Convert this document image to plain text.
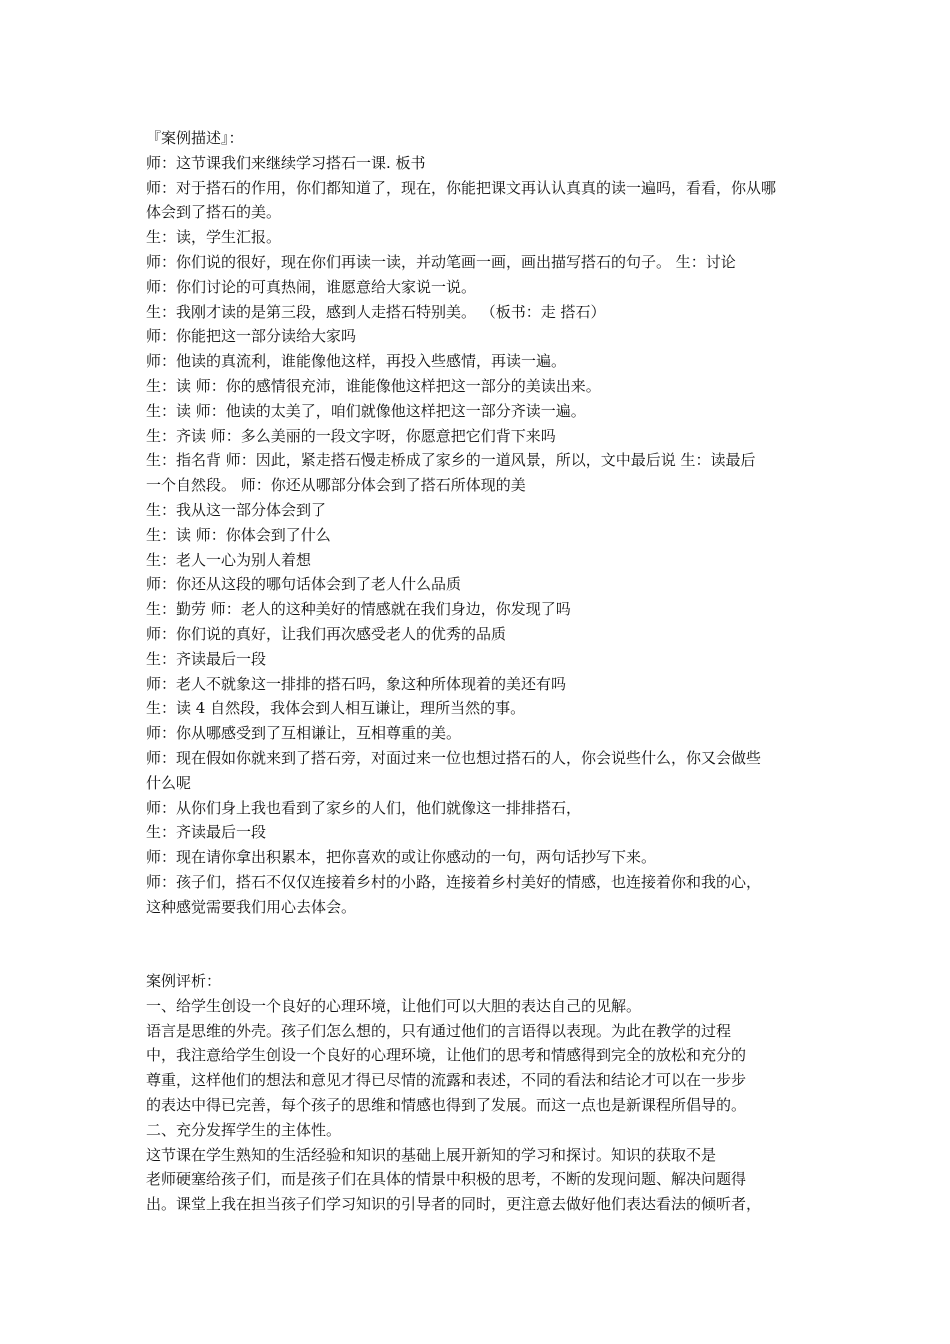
『案例描述』：
师：这节课我们来继续学习搭石一课. 板书
师：对于搭石的作用，你们都知道了，现在，你能把课文再认认真真的读一遍吗，看看，你从哪
体会到了搭石的美。
生：读，学生汇报。
师：你们说的很好，现在你们再读一读，并动笔画一画，画出描写搭石的句子。 生：讨论
师：你们讨论的可真热闹，谁愿意给大家说一说。
生：我刚才读的是第三段，感到人走搭石特别美。 （板书：走 搭石）
师：你能把这一部分读给大家吗
师：他读的真流利，谁能像他这样，再投入些感情，再读一遍。
生：读 师：你的感情很充沛，谁能像他这样把这一部分的美读出来。
生：读 师：他读的太美了，咱们就像他这样把这一部分齐读一遍。
生：齐读 师：多么美丽的一段文字呀，你愿意把它们背下来吗
生：指名背 师：因此，紧走搭石慢走桥成了家乡的一道风景，所以，文中最后说 生：读最后
一个自然段。 师：你还从哪部分体会到了搭石所体现的美
生：我从这一部分体会到了
生：读 师：你体会到了什么
生：老人一心为别人着想
师：你还从这段的哪句话体会到了老人什么品质
生：勤劳 师：老人的这种美好的情感就在我们身边，你发现了吗
师：你们说的真好，让我们再次感受老人的优秀的品质
生：齐读最后一段
师：老人不就象这一排排的搭石吗，象这种所体现着的美还有吗
生：读 4 自然段，我体会到人相互谦让，理所当然的事。
师：你从哪感受到了互相谦让，互相尊重的美。
师：现在假如你就来到了搭石旁，对面过来一位也想过搭石的人，你会说些什么，你又会做些
什么呢
师：从你们身上我也看到了家乡的人们，他们就像这一排排搭石，
生：齐读最后一段
师：现在请你拿出积累本，把你喜欢的或让你感动的一句，两句话抄写下来。
师：孩子们，搭石不仅仅连接着乡村的小路，连接着乡村美好的情感，也连接着你和我的心，
这种感觉需要我们用心去体会。
案例评析：
一、给学生创设一个良好的心理环境，让他们可以大胆的表达自己的见解。
语言是思维的外壳。孩子们怎么想的，只有通过他们的言语得以表现。为此在教学的过程
中，我注意给学生创设一个良好的心理环境，让他们的思考和情感得到完全的放松和充分的
尊重，这样他们的想法和意见才得已尽情的流露和表述，不同的看法和结论才可以在一步步
的表达中得已完善，每个孩子的思维和情感也得到了发展。而这一点也是新课程所倡导的。
二、充分发挥学生的主体性。
这节课在学生熟知的生活经验和知识的基础上展开新知的学习和探讨。知识的获取不是
老师硬塞给孩子们，而是孩子们在具体的情景中积极的思考，不断的发现问题、解决问题得
出。课堂上我在担当孩子们学习知识的引导者的同时，更注意去做好他们表达看法的倾听者，
